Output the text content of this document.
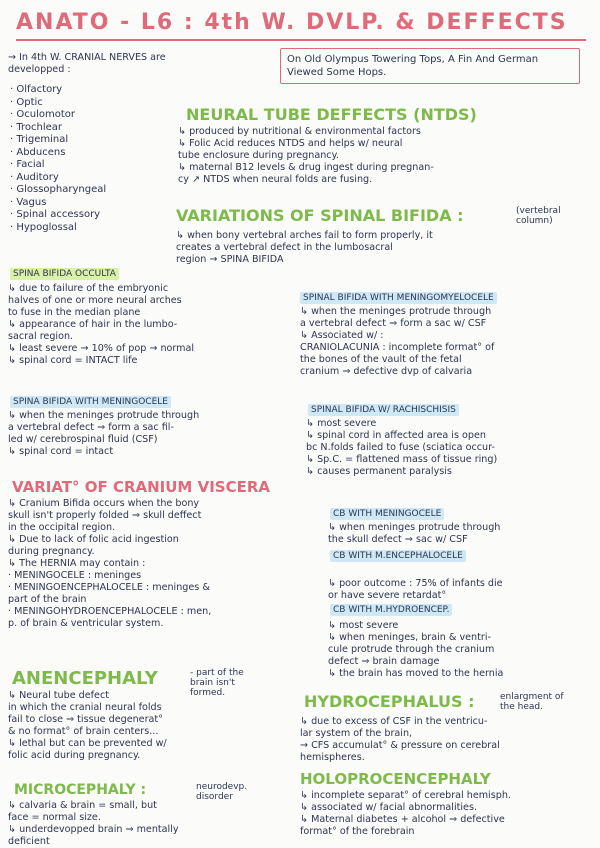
ANATO - L6 : 4th W. DVLP. & DEFFECTS
→ In 4th W. CRANIAL NERVES are
developped :
On Old Olympus Towering Tops, A Fin And German Viewed Some Hops.
· Olfactory
· Optic
· Oculomotor
· Trochlear
· Trigeminal
· Abducens
· Facial
· Auditory
· Glossopharyngeal
· Vagus
· Spinal accessory
· Hypoglossal
NEURAL TUBE DEFFECTS (NTDS)
↳ produced by nutritional & environmental factors
↳ Folic Acid reduces NTDS and helps w/ neural
tube enclosure during pregnancy.
↳ maternal B12 levels & drug ingest during pregnan-
cy ↗ NTDS when neural folds are fusing.
VARIATIONS OF SPINAL BIFIDA :	(vertebral
column)
↳ when bony vertebral arches fail to form properly, it
creates a vertebral defect in the lumbosacral
region → SPINA BIFIDA
SPINA BIFIDA OCCULTA
↳ due to failure of the embryonic
halves of one or more neural arches
to fuse in the median plane
↳ appearance of hair in the lumbo-
sacral region.
↳ least severe → 10% of pop → normal
↳ spinal cord = INTACT life
SPINAL BIFIDA WITH MENINGOMYELOCELE
↳ when the meninges protrude through
a vertebral defect ⇒ form a sac w/ CSF
↳ Associated w/ :
CRANIOLACUNIA : incomplete format° of
the bones of the vault of the fetal
cranium ⇒ defective dvp of calvaria
SPINA BIFIDA WITH MENINGOCELE
↳ when the meninges protrude through
a vertebral defect ⇒ form a sac fil-
led w/ cerebrospinal fluid (CSF)
↳ spinal cord = intact
SPINAL BIFIDA W/ RACHISCHISIS
↳ most severe
↳ spinal cord in affected area is open
bc N.folds failed to fuse (sciatica occur-
↳ Sp.C. = flattened mass of tissue ring)
↳ causes permanent paralysis
VARIAT° OF CRANIUM VISCERA
↳ Cranium Bifida occurs when the bony
skull isn't properly folded ⇒ skull deffect
in the occipital region.
↳ Due to lack of folic acid ingestion
during pregnancy.
↳ The HERNIA may contain :
· MENINGOCELE : meninges
· MENINGOENCEPHALOCELE : meninges &
part of the brain
· MENINGOHYDROENCEPHALOCELE : men,
p. of brain & ventricular system.
CB WITH MENINGOCELE
↳ when meninges protrude through
the skull defect ⇒ sac w/ CSF
CB WITH M.ENCEPHALOCELE
↳ poor outcome : 75% of infants die
or have severe retardat°
CB WITH M.HYDROENCEP.
↳ most severe
↳ when meninges, brain & ventri-
cule protrude through the cranium
defect ⇒ brain damage
↳ the brain has moved to the hernia
ANENCEPHALY	- part of the
brain isn't
formed.
↳ Neural tube defect
in which the cranial neural folds
fail to close ⇒ tissue degenerat°
& no format° of brain centers...
↳ lethal but can be prevented w/
folic acid during pregnancy.
HYDROCEPHALUS :	enlargment of
the head.
↳ due to excess of CSF in the ventricu-
lar system of the brain,
→ CFS accumulat° & pressure on cerebral
hemispheres.
MICROCEPHALY :	neurodevp.
disorder
↳ calvaria & brain = small, but
face = normal size.
↳ underdevopped brain ⇒ mentally
deficient
HOLOPROCENCEPHALY
↳ incomplete separat° of cerebral hemisph.
↳ associated w/ facial abnormalities.
↳ Maternal diabetes + alcohol ⇒ defective
format° of the forebrain
